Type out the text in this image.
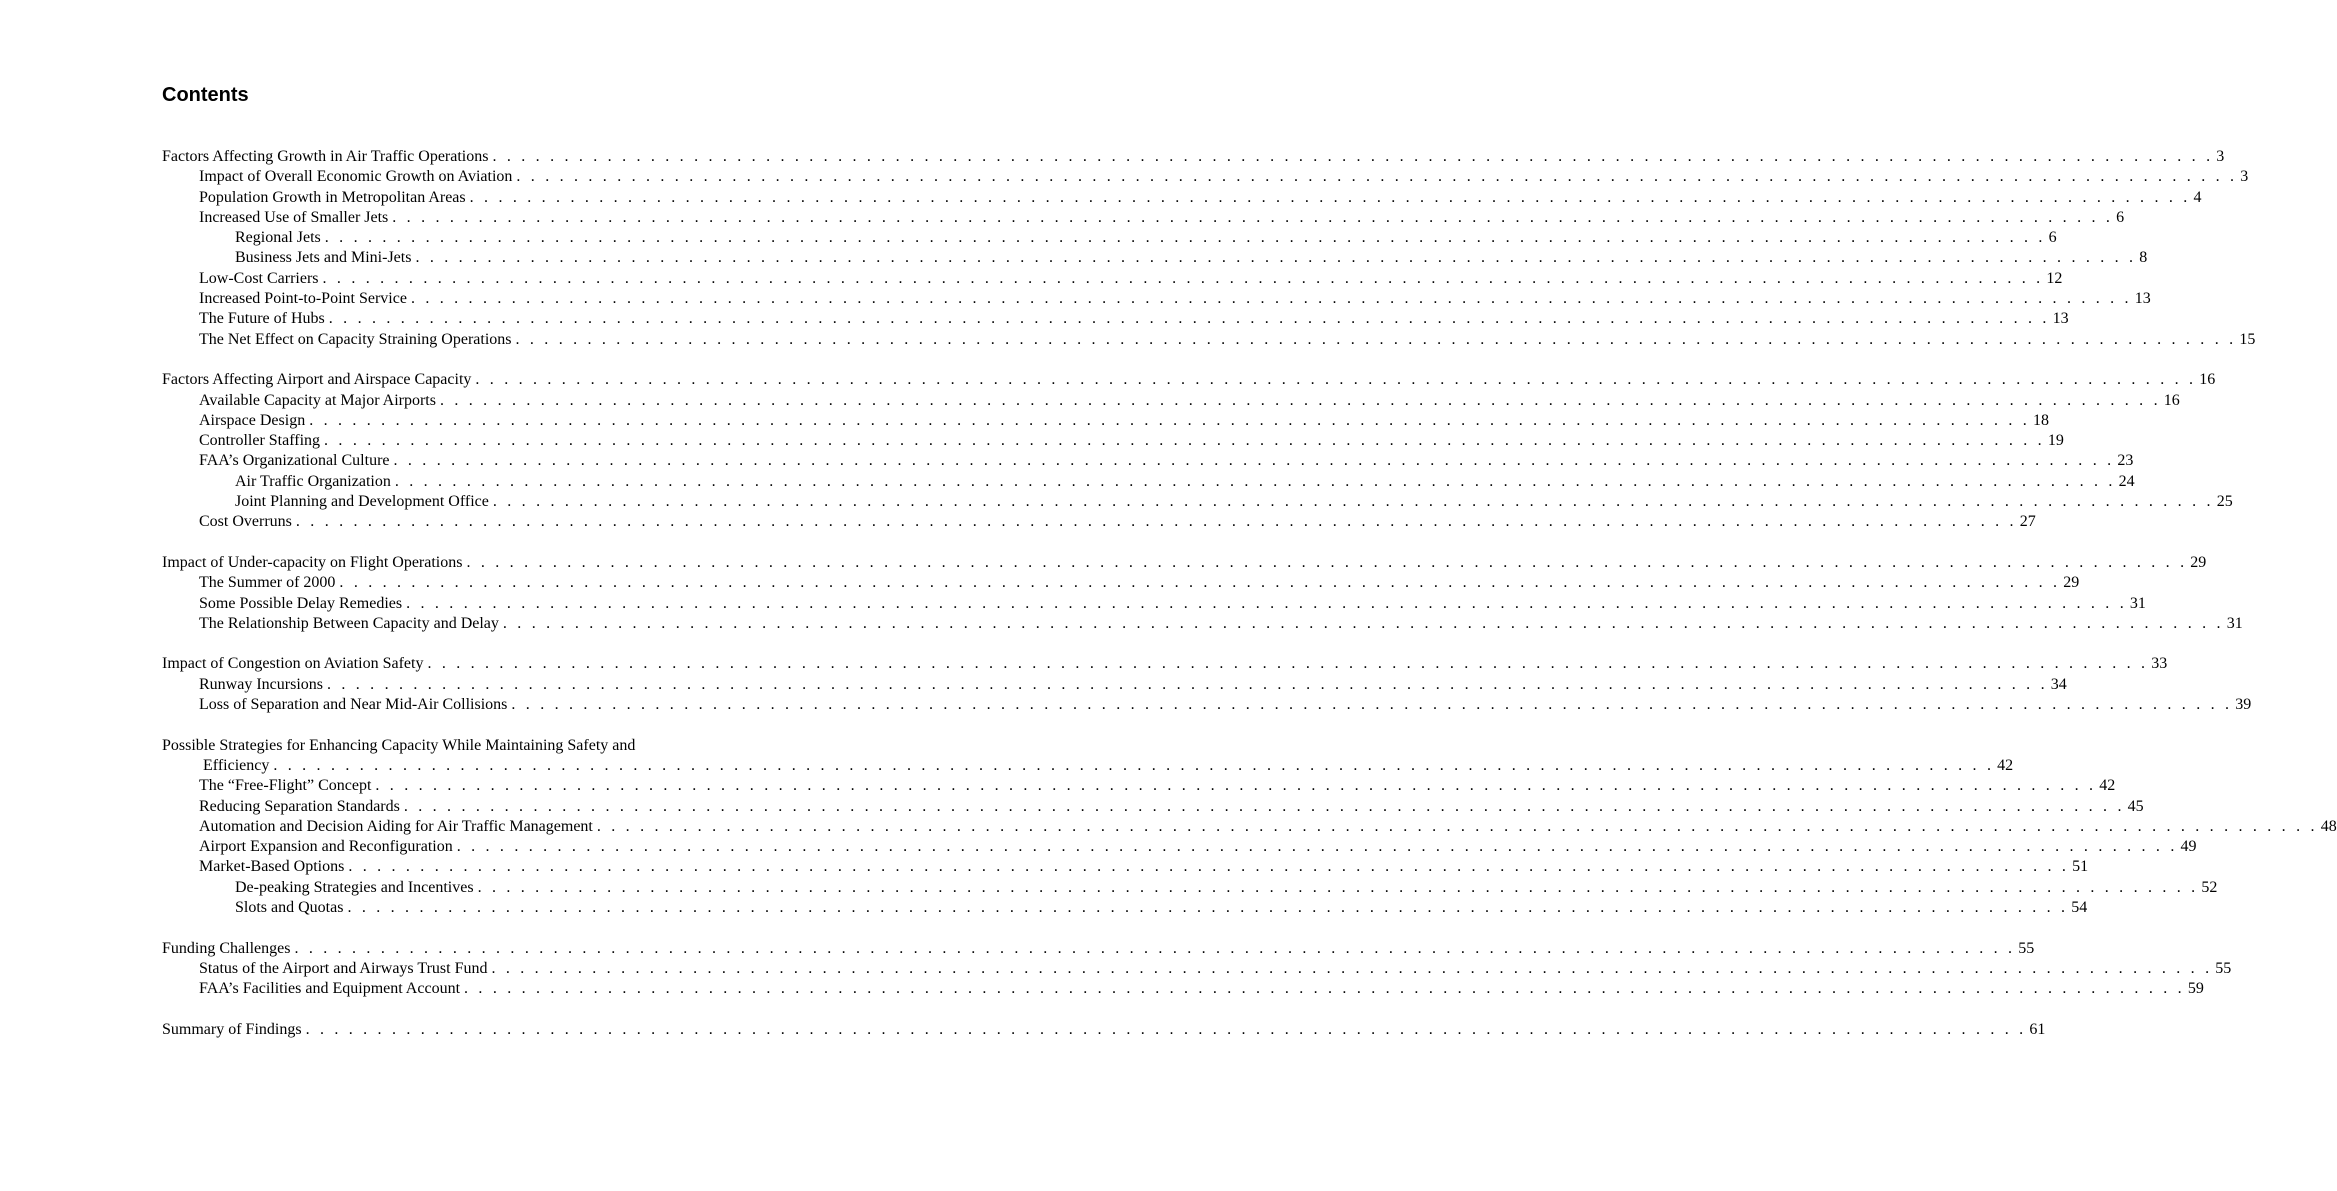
Contents
Factors Affecting Growth in Air Traffic Operations . . . . . . . . . . . . . . . . . . . . . . . . . . . . . . . . . . . . . . . . . . . . . . . . . . . . . . . . . . . . . . . . . . . . . . . . . . . . . . . . . . . . . . . . . . . . . . . . . . . . . . . . . . . . . . . . . . . . . . . . 3
Impact of Overall Economic Growth on Aviation . . . . . . . . . . . . . . . . . . . . . . . . . . . . . . . . . . . . . . . . . . . . . . . . . . . . . . . . . . . . . . . . . . . . . . . . . . . . . . . . . . . . . . . . . . . . . . . . . . . . . . . . . . . . . . . . . . . . . . . . 3
Population Growth in Metropolitan Areas . . . . . . . . . . . . . . . . . . . . . . . . . . . . . . . . . . . . . . . . . . . . . . . . . . . . . . . . . . . . . . . . . . . . . . . . . . . . . . . . . . . . . . . . . . . . . . . . . . . . . . . . . . . . . . . . . . . . . . . . 4
Increased Use of Smaller Jets . . . . . . . . . . . . . . . . . . . . . . . . . . . . . . . . . . . . . . . . . . . . . . . . . . . . . . . . . . . . . . . . . . . . . . . . . . . . . . . . . . . . . . . . . . . . . . . . . . . . . . . . . . . . . . . . . . . . . . . . 6
Regional Jets . . . . . . . . . . . . . . . . . . . . . . . . . . . . . . . . . . . . . . . . . . . . . . . . . . . . . . . . . . . . . . . . . . . . . . . . . . . . . . . . . . . . . . . . . . . . . . . . . . . . . . . . . . . . . . . . . . . . . . . . 6
Business Jets and Mini-Jets . . . . . . . . . . . . . . . . . . . . . . . . . . . . . . . . . . . . . . . . . . . . . . . . . . . . . . . . . . . . . . . . . . . . . . . . . . . . . . . . . . . . . . . . . . . . . . . . . . . . . . . . . . . . . . . . . . . . . . . . 8
Low-Cost Carriers . . . . . . . . . . . . . . . . . . . . . . . . . . . . . . . . . . . . . . . . . . . . . . . . . . . . . . . . . . . . . . . . . . . . . . . . . . . . . . . . . . . . . . . . . . . . . . . . . . . . . . . . . . . . . . . . . . . . . . . . 12
Increased Point-to-Point Service . . . . . . . . . . . . . . . . . . . . . . . . . . . . . . . . . . . . . . . . . . . . . . . . . . . . . . . . . . . . . . . . . . . . . . . . . . . . . . . . . . . . . . . . . . . . . . . . . . . . . . . . . . . . . . . . . . . . . . . . 13
The Future of Hubs . . . . . . . . . . . . . . . . . . . . . . . . . . . . . . . . . . . . . . . . . . . . . . . . . . . . . . . . . . . . . . . . . . . . . . . . . . . . . . . . . . . . . . . . . . . . . . . . . . . . . . . . . . . . . . . . . . . . . . . . 13
The Net Effect on Capacity Straining Operations . . . . . . . . . . . . . . . . . . . . . . . . . . . . . . . . . . . . . . . . . . . . . . . . . . . . . . . . . . . . . . . . . . . . . . . . . . . . . . . . . . . . . . . . . . . . . . . . . . . . . . . . . . . . . . . . . . . . . . . . 15
Factors Affecting Airport and Airspace Capacity . . . . . . . . . . . . . . . . . . . . . . . . . . . . . . . . . . . . . . . . . . . . . . . . . . . . . . . . . . . . . . . . . . . . . . . . . . . . . . . . . . . . . . . . . . . . . . . . . . . . . . . . . . . . . . . . . . . . . . . . 16
Available Capacity at Major Airports . . . . . . . . . . . . . . . . . . . . . . . . . . . . . . . . . . . . . . . . . . . . . . . . . . . . . . . . . . . . . . . . . . . . . . . . . . . . . . . . . . . . . . . . . . . . . . . . . . . . . . . . . . . . . . . . . . . . . . . . 16
Airspace Design . . . . . . . . . . . . . . . . . . . . . . . . . . . . . . . . . . . . . . . . . . . . . . . . . . . . . . . . . . . . . . . . . . . . . . . . . . . . . . . . . . . . . . . . . . . . . . . . . . . . . . . . . . . . . . . . . . . . . . . . 18
Controller Staffing . . . . . . . . . . . . . . . . . . . . . . . . . . . . . . . . . . . . . . . . . . . . . . . . . . . . . . . . . . . . . . . . . . . . . . . . . . . . . . . . . . . . . . . . . . . . . . . . . . . . . . . . . . . . . . . . . . . . . . . . 19
FAA’s Organizational Culture . . . . . . . . . . . . . . . . . . . . . . . . . . . . . . . . . . . . . . . . . . . . . . . . . . . . . . . . . . . . . . . . . . . . . . . . . . . . . . . . . . . . . . . . . . . . . . . . . . . . . . . . . . . . . . . . . . . . . . . . 23
Air Traffic Organization . . . . . . . . . . . . . . . . . . . . . . . . . . . . . . . . . . . . . . . . . . . . . . . . . . . . . . . . . . . . . . . . . . . . . . . . . . . . . . . . . . . . . . . . . . . . . . . . . . . . . . . . . . . . . . . . . . . . . . . . 24
Joint Planning and Development Office . . . . . . . . . . . . . . . . . . . . . . . . . . . . . . . . . . . . . . . . . . . . . . . . . . . . . . . . . . . . . . . . . . . . . . . . . . . . . . . . . . . . . . . . . . . . . . . . . . . . . . . . . . . . . . . . . . . . . . . . 25
Cost Overruns . . . . . . . . . . . . . . . . . . . . . . . . . . . . . . . . . . . . . . . . . . . . . . . . . . . . . . . . . . . . . . . . . . . . . . . . . . . . . . . . . . . . . . . . . . . . . . . . . . . . . . . . . . . . . . . . . . . . . . . . 27
Impact of Under-capacity on Flight Operations . . . . . . . . . . . . . . . . . . . . . . . . . . . . . . . . . . . . . . . . . . . . . . . . . . . . . . . . . . . . . . . . . . . . . . . . . . . . . . . . . . . . . . . . . . . . . . . . . . . . . . . . . . . . . . . . . . . . . . . . 29
The Summer of 2000 . . . . . . . . . . . . . . . . . . . . . . . . . . . . . . . . . . . . . . . . . . . . . . . . . . . . . . . . . . . . . . . . . . . . . . . . . . . . . . . . . . . . . . . . . . . . . . . . . . . . . . . . . . . . . . . . . . . . . . . . 29
Some Possible Delay Remedies . . . . . . . . . . . . . . . . . . . . . . . . . . . . . . . . . . . . . . . . . . . . . . . . . . . . . . . . . . . . . . . . . . . . . . . . . . . . . . . . . . . . . . . . . . . . . . . . . . . . . . . . . . . . . . . . . . . . . . . . 31
The Relationship Between Capacity and Delay . . . . . . . . . . . . . . . . . . . . . . . . . . . . . . . . . . . . . . . . . . . . . . . . . . . . . . . . . . . . . . . . . . . . . . . . . . . . . . . . . . . . . . . . . . . . . . . . . . . . . . . . . . . . . . . . . . . . . . . . 31
Impact of Congestion on Aviation Safety . . . . . . . . . . . . . . . . . . . . . . . . . . . . . . . . . . . . . . . . . . . . . . . . . . . . . . . . . . . . . . . . . . . . . . . . . . . . . . . . . . . . . . . . . . . . . . . . . . . . . . . . . . . . . . . . . . . . . . . . 33
Runway Incursions . . . . . . . . . . . . . . . . . . . . . . . . . . . . . . . . . . . . . . . . . . . . . . . . . . . . . . . . . . . . . . . . . . . . . . . . . . . . . . . . . . . . . . . . . . . . . . . . . . . . . . . . . . . . . . . . . . . . . . . . 34
Loss of Separation and Near Mid-Air Collisions . . . . . . . . . . . . . . . . . . . . . . . . . . . . . . . . . . . . . . . . . . . . . . . . . . . . . . . . . . . . . . . . . . . . . . . . . . . . . . . . . . . . . . . . . . . . . . . . . . . . . . . . . . . . . . . . . . . . . . . . 39
Possible Strategies for Enhancing Capacity While Maintaining Safety and
Efficiency . . . . . . . . . . . . . . . . . . . . . . . . . . . . . . . . . . . . . . . . . . . . . . . . . . . . . . . . . . . . . . . . . . . . . . . . . . . . . . . . . . . . . . . . . . . . . . . . . . . . . . . . . . . . . . . . . . . . . . . . 42
The “Free-Flight” Concept . . . . . . . . . . . . . . . . . . . . . . . . . . . . . . . . . . . . . . . . . . . . . . . . . . . . . . . . . . . . . . . . . . . . . . . . . . . . . . . . . . . . . . . . . . . . . . . . . . . . . . . . . . . . . . . . . . . . . . . . 42
Reducing Separation Standards . . . . . . . . . . . . . . . . . . . . . . . . . . . . . . . . . . . . . . . . . . . . . . . . . . . . . . . . . . . . . . . . . . . . . . . . . . . . . . . . . . . . . . . . . . . . . . . . . . . . . . . . . . . . . . . . . . . . . . . . 45
Automation and Decision Aiding for Air Traffic Management . . . . . . . . . . . . . . . . . . . . . . . . . . . . . . . . . . . . . . . . . . . . . . . . . . . . . . . . . . . . . . . . . . . . . . . . . . . . . . . . . . . . . . . . . . . . . . . . . . . . . . . . . . . . . . . . . . . . . . . . 48
Airport Expansion and Reconfiguration . . . . . . . . . . . . . . . . . . . . . . . . . . . . . . . . . . . . . . . . . . . . . . . . . . . . . . . . . . . . . . . . . . . . . . . . . . . . . . . . . . . . . . . . . . . . . . . . . . . . . . . . . . . . . . . . . . . . . . . . 49
Market-Based Options . . . . . . . . . . . . . . . . . . . . . . . . . . . . . . . . . . . . . . . . . . . . . . . . . . . . . . . . . . . . . . . . . . . . . . . . . . . . . . . . . . . . . . . . . . . . . . . . . . . . . . . . . . . . . . . . . . . . . . . . 51
De-peaking Strategies and Incentives . . . . . . . . . . . . . . . . . . . . . . . . . . . . . . . . . . . . . . . . . . . . . . . . . . . . . . . . . . . . . . . . . . . . . . . . . . . . . . . . . . . . . . . . . . . . . . . . . . . . . . . . . . . . . . . . . . . . . . . . 52
Slots and Quotas . . . . . . . . . . . . . . . . . . . . . . . . . . . . . . . . . . . . . . . . . . . . . . . . . . . . . . . . . . . . . . . . . . . . . . . . . . . . . . . . . . . . . . . . . . . . . . . . . . . . . . . . . . . . . . . . . . . . . . . . 54
Funding Challenges . . . . . . . . . . . . . . . . . . . . . . . . . . . . . . . . . . . . . . . . . . . . . . . . . . . . . . . . . . . . . . . . . . . . . . . . . . . . . . . . . . . . . . . . . . . . . . . . . . . . . . . . . . . . . . . . . . . . . . . . 55
Status of the Airport and Airways Trust Fund . . . . . . . . . . . . . . . . . . . . . . . . . . . . . . . . . . . . . . . . . . . . . . . . . . . . . . . . . . . . . . . . . . . . . . . . . . . . . . . . . . . . . . . . . . . . . . . . . . . . . . . . . . . . . . . . . . . . . . . . 55
FAA’s Facilities and Equipment Account . . . . . . . . . . . . . . . . . . . . . . . . . . . . . . . . . . . . . . . . . . . . . . . . . . . . . . . . . . . . . . . . . . . . . . . . . . . . . . . . . . . . . . . . . . . . . . . . . . . . . . . . . . . . . . . . . . . . . . . . 59
Summary of Findings . . . . . . . . . . . . . . . . . . . . . . . . . . . . . . . . . . . . . . . . . . . . . . . . . . . . . . . . . . . . . . . . . . . . . . . . . . . . . . . . . . . . . . . . . . . . . . . . . . . . . . . . . . . . . . . . . . . . . . . . 61
